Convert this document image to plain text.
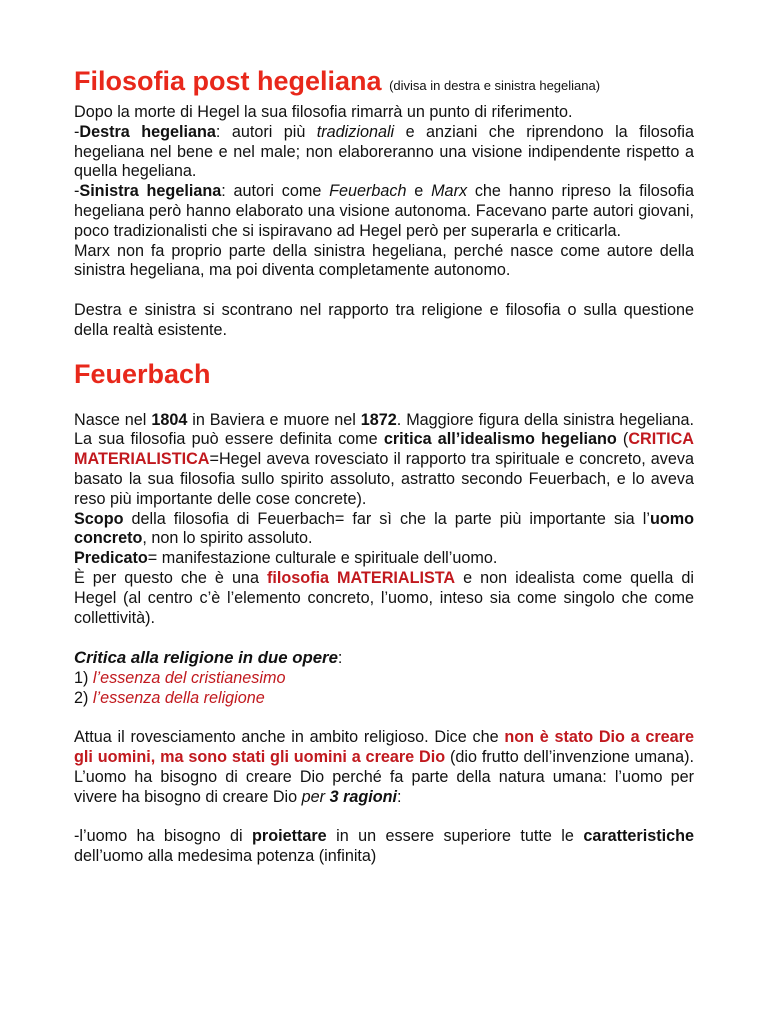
Filosofia post hegeliana (divisa in destra e sinistra hegeliana)

Dopo la morte di Hegel la sua filosofia rimarrà un punto di riferimento.

-Destra hegeliana: autori più tradizionali e anziani che riprendono la filosofia hegeliana nel bene e nel male; non elaboreranno una visione indipendente rispetto a quella hegeliana.

-Sinistra hegeliana: autori come Feuerbach e Marx che hanno ripreso la filosofia hegeliana però hanno elaborato una visione autonoma. Facevano parte autori giovani, poco tradizionalisti che si ispiravano ad Hegel però per superarla e criticarla.

Marx non fa proprio parte della sinistra hegeliana, perché nasce come autore della sinistra hegeliana, ma poi diventa completamente autonomo.

Destra e sinistra si scontrano nel rapporto tra religione e filosofia o sulla questione della realtà esistente.

Feuerbach

Nasce nel 1804 in Baviera e muore nel 1872. Maggiore figura della sinistra hegeliana. La sua filosofia può essere definita come critica all’idealismo hegeliano (CRITICA MATERIALISTICA=Hegel aveva rovesciato il rapporto tra spirituale e concreto, aveva basato la sua filosofia sullo spirito assoluto, astratto secondo Feuerbach, e lo aveva reso più importante delle cose concrete).

Scopo della filosofia di Feuerbach= far sì che la parte più importante sia l’uomo concreto, non lo spirito assoluto.

Predicato= manifestazione culturale e spirituale dell’uomo.

È per questo che è una filosofia MATERIALISTA e non idealista come quella di Hegel (al centro c’è l’elemento concreto, l’uomo, inteso sia come singolo che come collettività).

Critica alla religione in due opere:

1) l’essenza del cristianesimo

2) l’essenza della religione

Attua il rovesciamento anche in ambito religioso. Dice che non è stato Dio a creare gli uomini, ma sono stati gli uomini a creare Dio (dio frutto dell’invenzione umana). L’uomo ha bisogno di creare Dio perché fa parte della natura umana: l’uomo per vivere ha bisogno di creare Dio per 3 ragioni:

-l’uomo ha bisogno di proiettare in un essere superiore tutte le caratteristiche dell’uomo alla medesima potenza (infinita)
